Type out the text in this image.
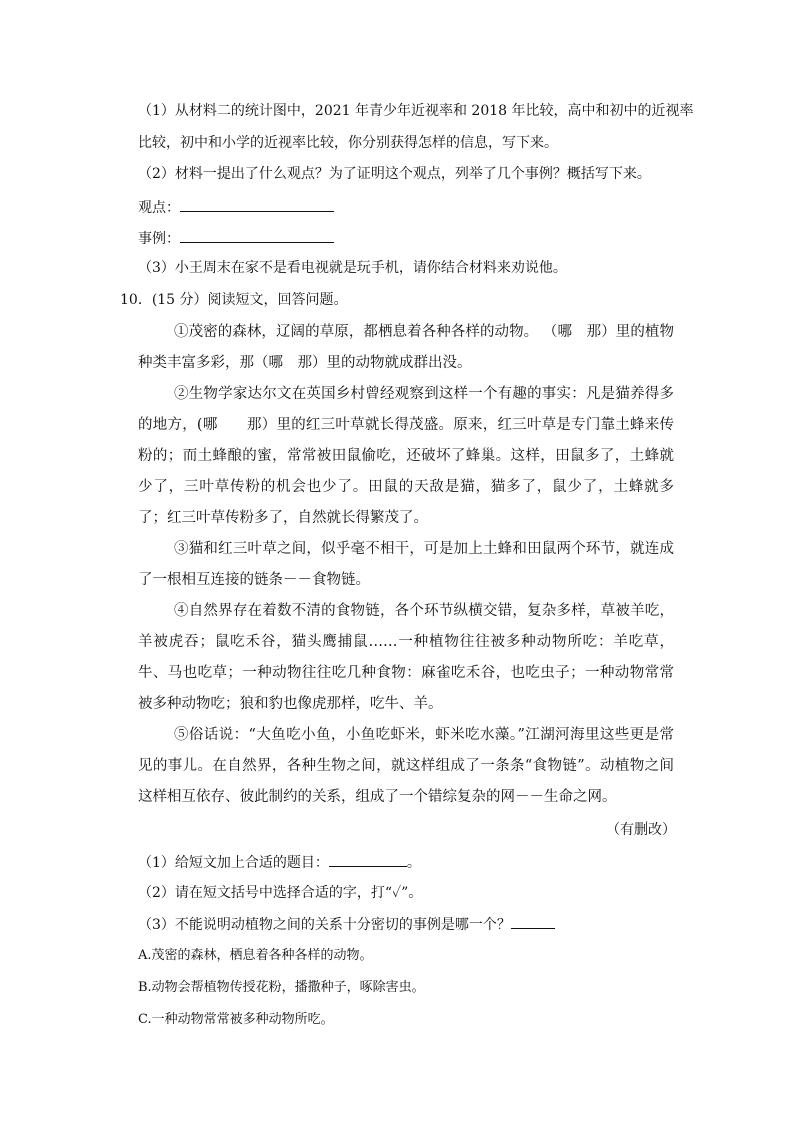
（1）从材料二的统计图中，2021 年青少年近视率和 2018 年比较，高中和初中的近视率
比较，初中和小学的近视率比较，你分别获得怎样的信息，写下来。
（2）材料一提出了什么观点？为了证明这个观点，列举了几个事例？概括写下来。
观点：
事例：
（3）小王周末在家不是看电视就是玩手机，请你结合材料来劝说他。
10．(15 分）阅读短文，回答问题。
①茂密的森林，辽阔的草原，都栖息着各种各样的动物。 （哪　那）里的植物种类丰富多彩，那（哪　那）里的动物就成群出没。
②生物学家达尔文在英国乡村曾经观察到这样一个有趣的事实：凡是猫养得多的地方，(哪　　那）里的红三叶草就长得茂盛。原来，红三叶草是专门靠土蜂来传粉的；而土蜂酿的蜜，常常被田鼠偷吃，还破坏了蜂巢。这样，田鼠多了，土蜂就少了，三叶草传粉的机会也少了。田鼠的天敌是猫，猫多了，鼠少了，土蜂就多了；红三叶草传粉多了，自然就长得繁茂了。
③猫和红三叶草之间，似乎毫不相干，可是加上土蜂和田鼠两个环节，就连成了一根相互连接的链条－－食物链。
④自然界存在着数不清的食物链，各个环节纵横交错，复杂多样，草被羊吃，羊被虎吞；鼠吃禾谷，猫头鹰捕鼠……一种植物往往被多种动物所吃：羊吃草，牛、马也吃草；一种动物往往吃几种食物：麻雀吃禾谷，也吃虫子；一种动物常常被多种动物吃；狼和豹也像虎那样，吃牛、羊。
⑤俗话说：“大鱼吃小鱼，小鱼吃虾米，虾米吃水藻。”江湖河海里这些更是常见的事儿。在自然界，各种生物之间，就这样组成了一条条“食物链”。动植物之间这样相互依存、彼此制约的关系，组成了一个错综复杂的网－－生命之网。
（有删改）
（1）给短文加上合适的题目：	。
（2）请在短文括号中选择合适的字，打“✓”。
（3）不能说明动植物之间的关系十分密切的事例是哪一个？
A.茂密的森林，栖息着各种各样的动物。
B.动物会帮植物传授花粉，播撒种子，啄除害虫。
C.一种动物常常被多种动物所吃。
